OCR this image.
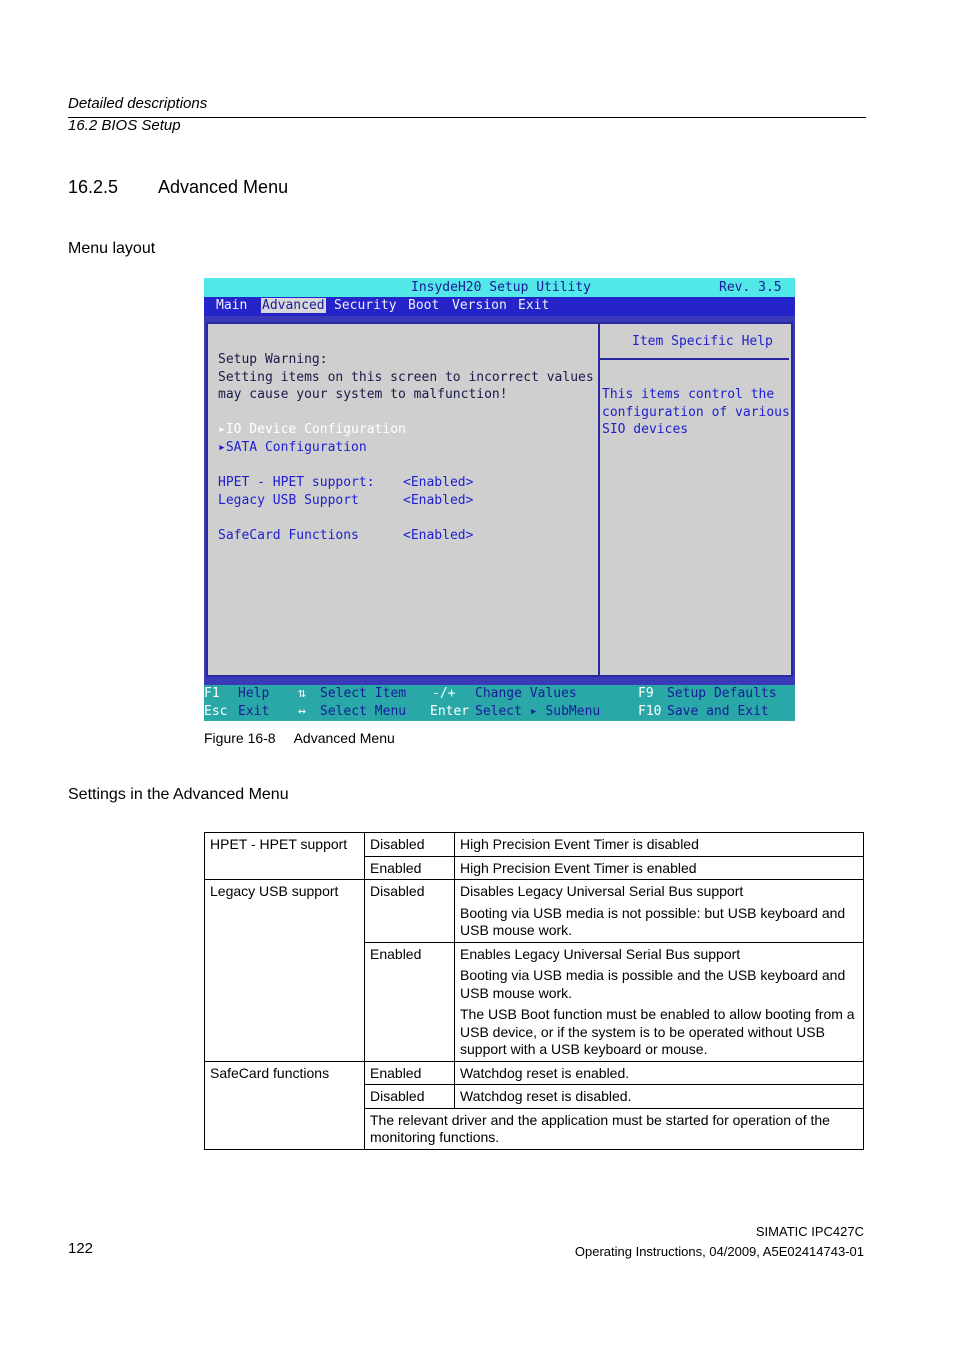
Detailed descriptions
16.2 BIOS Setup
16.2.5 Advanced Menu
Menu layout
InsydeH20 Setup Utility	Rev. 3.5
Main Advanced Security Boot Version Exit
Setup Warning:
Setting items on this screen to incorrect values
may cause your system to malfunction!
▸IO Device Configuration
▸SATA Configuration
HPET - HPET support: <Enabled>
Legacy USB Support	<Enabled>
SafeCard Functions	<Enabled>
Item Specific Help
This items control the
configuration of various
SIO devices
F1 Help ⇅ Select Item -/+ Change Values	F9 Setup Defaults
Esc Exit ↔ Select Menu Enter Select ▸ SubMenu	F10 Save and Exit
Figure 16-8 Advanced Menu
Settings in the Advanced Menu
HPET - HPET support	Disabled	High Precision Event Timer is disabled
	Enabled	High Precision Event Timer is enabled
Legacy USB support	Disabled	Disables Legacy Universal Serial Bus support
Booting via USB media is not possible: but USB keyboard and USB mouse work.

	Enabled	Enables Legacy Universal Serial Bus support
Booting via USB media is possible and the USB keyboard and USB mouse work.
The USB Boot function must be enabled to allow booting from a USB device, or if the system is to be operated without USB support with a USB keyboard or mouse.

SafeCard functions	Enabled	Watchdog reset is enabled.
	Disabled	Watchdog reset is disabled.
	The relevant driver and the application must be started for operation of the monitoring functions.	
SIMATIC IPC427C
122	Operating Instructions, 04/2009, A5E02414743-01
